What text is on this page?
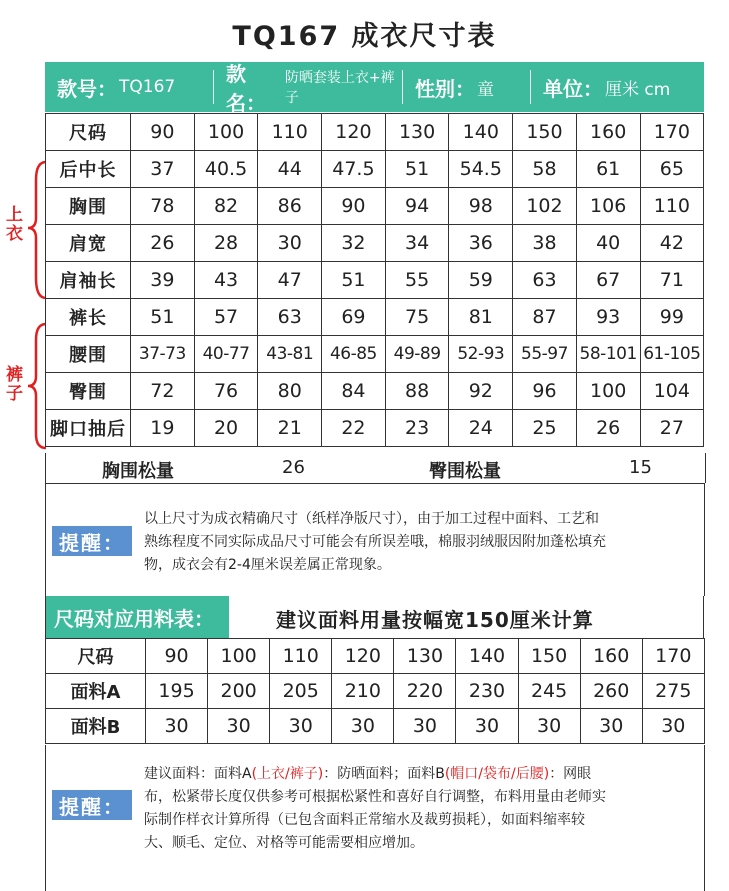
TQ167 成衣尺寸表
款号： TQ167
款名：
防晒套装上衣+裤子	性别： 童 单位： 厘米 cm
上衣
裤子
尺码	90	100	110	120	130	140	150	160	170
后中长	37	40.5	44	47.5	51	54.5	58	61	65
胸围	78	82	86	90	94	98	102	106	110
肩宽	26	28	30	32	34	36	38	40	42
肩袖长	39	43	47	51	55	59	63	67	71
裤长	51	57	63	69	75	81	87	93	99
腰围	37-73	40-77	43-81	46-85	49-89	52-93	55-97	58-101	61-105
臀围	72	76	80	84	88	92	96	100	104
脚口抽后	19	20	21	22	23	24	25	26	27
胸围松量	26	臀围松量	15
提醒：
以上尺寸为成衣精确尺寸（纸样净版尺寸），由于加工过程中面料、工艺和
熟练程度不同实际成品尺寸可能会有所误差哦，棉服羽绒服因附加蓬松填充
物，成衣会有2-4厘米误差属正常现象。
尺码对应用料表：	建议面料用量按幅宽150厘米计算
尺码	90	100	110	120	130	140	150	160	170
面料A	195	200	205	210	220	230	245	260	275
面料B	30	30	30	30	30	30	30	30	30
提醒：
建议面料：面料A(上衣/裤子)：防晒面料；面料B(帽口/袋布/后腰)：网眼
布，松紧带长度仅供参考可根据松紧性和喜好自行调整，布料用量由老师实
际制作样衣计算所得（已包含面料正常缩水及裁剪损耗），如面料缩率较
大、顺毛、定位、对格等可能需要相应增加。
